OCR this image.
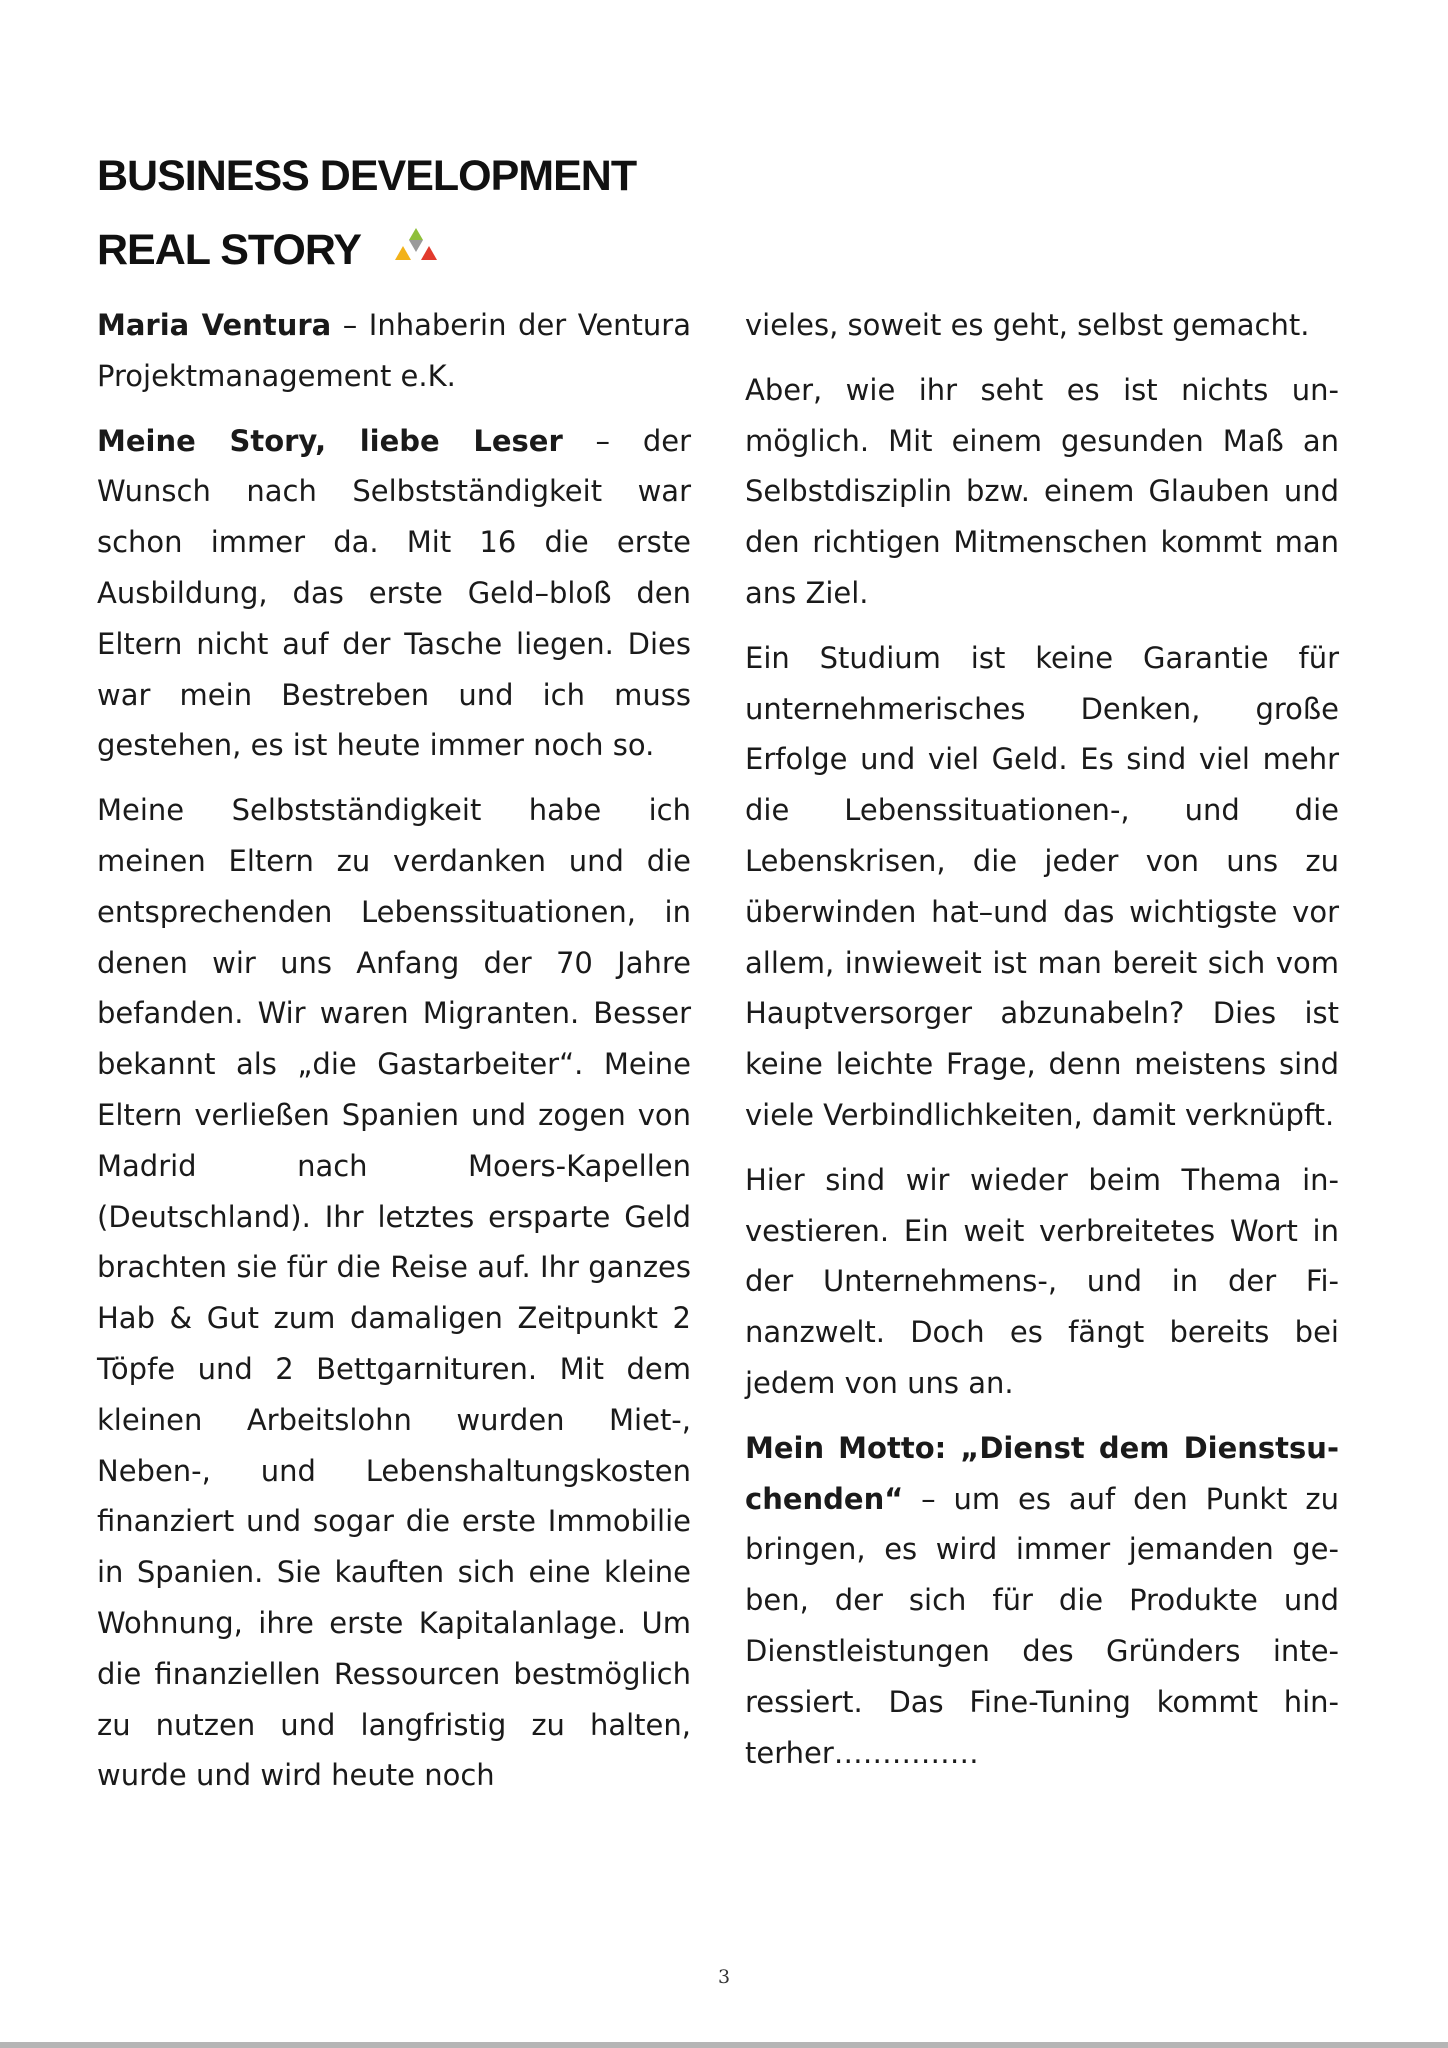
BUSINESS DEVELOPMENT
REAL STORY

Maria Ventura – Inhaberin der Ventura Projektmanagement e.K.

Meine Story, liebe Leser – der Wunsch nach Selbstständigkeit war schon immer da. Mit 16 die erste Ausbildung, das erste Geld–bloß den Eltern nicht auf der Tasche liegen. Dies war mein Bestreben und ich muss gestehen, es ist heute immer noch so.

Meine Selbstständigkeit habe ich meinen Eltern zu verdanken und die entsprechenden Lebenssituationen, in denen wir uns Anfang der 70 Jahre befanden. Wir waren Migranten. Besser bekannt als „die Gastarbeiter“. Meine Eltern verließen Spanien und zogen von Madrid nach Moers-Kapellen (Deutschland). Ihr letztes ersparte Geld brachten sie für die Reise auf. Ihr ganzes Hab & Gut zum damaligen Zeitpunkt 2 Töpfe und 2 Bettgarnituren. Mit dem kleinen Arbeitslohn wurden Miet-, Neben-, und Lebenshaltungskosten finanziert und sogar die erste Immobilie in Spanien. Sie kauften sich eine kleine Wohnung, ihre erste Kapitalanlage. Um die finanziellen Ressourcen bestmöglich zu nutzen und langfristig zu halten, wurde und wird heute noch

vieles, soweit es geht, selbst gemacht.

Aber, wie ihr seht es ist nichts unmöglich. Mit einem gesunden Maß an Selbstdisziplin bzw. einem Glauben und den richtigen Mitmenschen kommt man ans Ziel.

Ein Studium ist keine Garantie für unternehmerisches Denken, große Erfolge und viel Geld. Es sind viel mehr die Lebenssituationen-, und die Lebenskrisen, die jeder von uns zu überwinden hat–und das wichtigste vor allem, inwieweit ist man bereit sich vom Hauptversorger abzunabeln? Dies ist keine leichte Frage, denn meistens sind viele Verbindlichkeiten, damit verknüpft.

Hier sind wir wieder beim Thema investieren. Ein weit verbreitetes Wort in der Unternehmens-, und in der Finanzwelt. Doch es fängt bereits bei jedem von uns an.

Mein Motto: „Dienst dem Dienstsuchenden“ – um es auf den Punkt zu bringen, es wird immer jemanden geben, der sich für die Produkte und Dienstleistungen des Gründers interessiert. Das Fine-Tuning kommt hinterher……………

3
